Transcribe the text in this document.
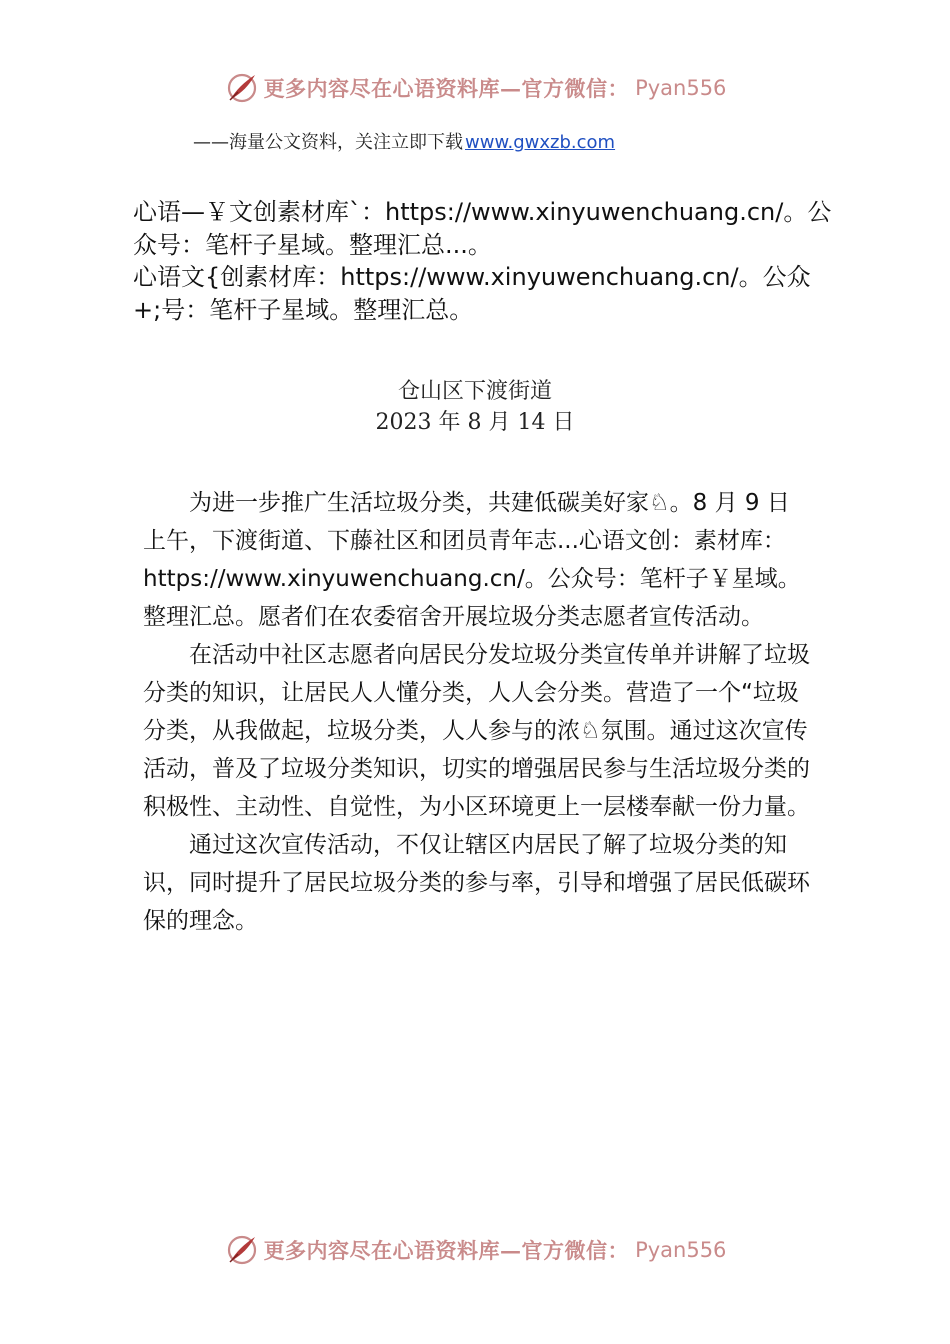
更多内容尽在心语资料库—官方微信： Pyan556
——海量公文资料，关注立即下载 www.gwxzb.com

心语—￥文创素材库`：https://www.xinyuwenchuang.cn/。公众号：笔杆子星域。整理汇总...。

心语文{创素材库：https://www.xinyuwenchuang.cn/。公众+;号：笔杆子星域。整理汇总。

仓山区下渡街道
2023 年 8 月 14 日

为进一步推广生活垃圾分类，共建低碳美好家♘。8 月 9 日上午，下渡街道、下藤社区和团员青年志...心语文创：素材库：https://www.xinyuwenchuang.cn/。公众号：笔杆子￥星域。整理汇总。愿者们在农委宿舍开展垃圾分类志愿者宣传活动。

在活动中社区志愿者向居民分发垃圾分类宣传单并讲解了垃圾分类的知识，让居民人人懂分类，人人会分类。营造了一个“垃圾分类，从我做起，垃圾分类，人人参与的浓♘氛围。通过这次宣传活动，普及了垃圾分类知识，切实的增强居民参与生活垃圾分类的积极性、主动性、自觉性，为小区环境更上一层楼奉献一份力量。

通过这次宣传活动，不仅让辖区内居民了解了垃圾分类的知识，同时提升了居民垃圾分类的参与率，引导和增强了居民低碳环保的理念。

更多内容尽在心语资料库—官方微信： Pyan556
